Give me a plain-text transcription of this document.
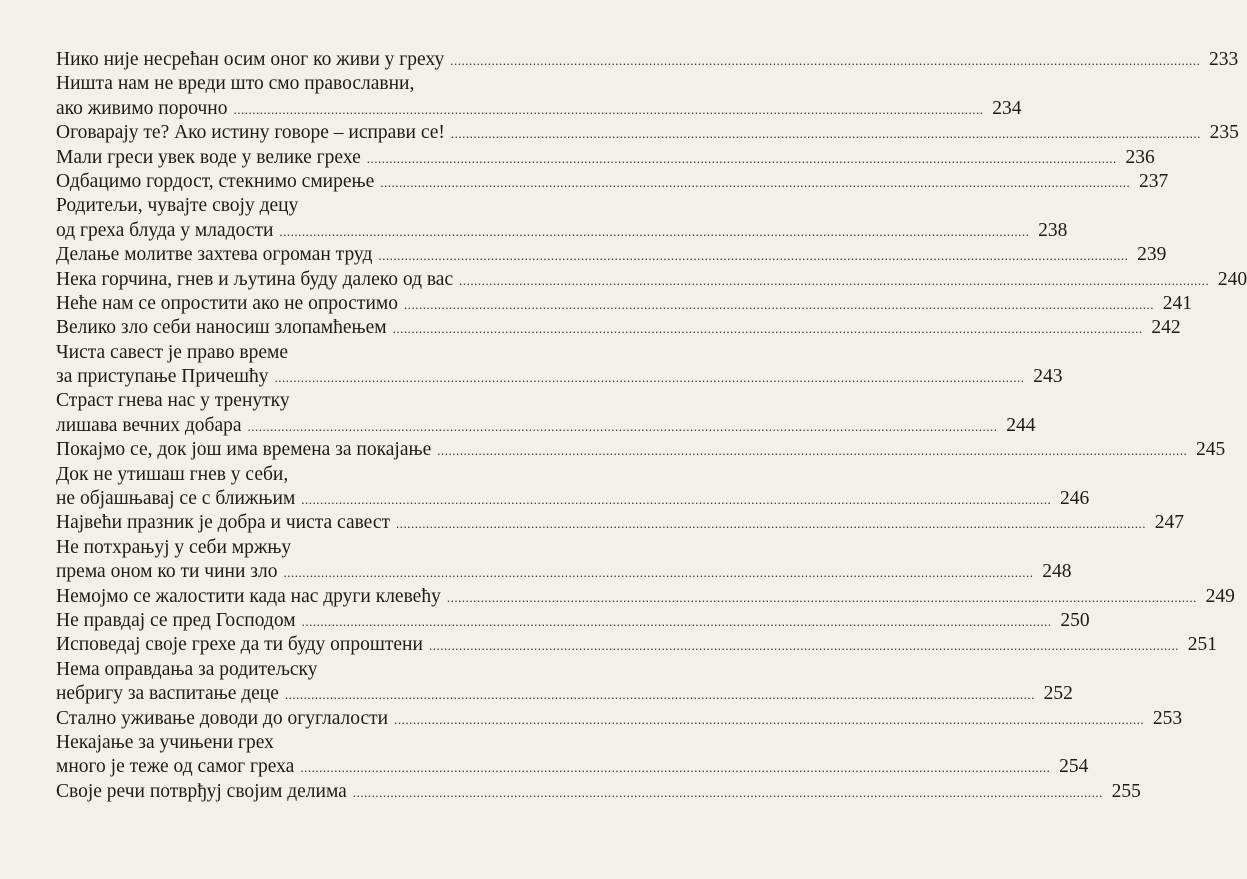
Нико није несрећан осим оног ко живи у греху ........................................................................................................................................................................................................ 233
Ништа нам не вреди што смо православни,
ако живимо порочно ........................................................................................................................................................................................................ 234
Оговарају те? Ако истину говоре – исправи се! ........................................................................................................................................................................................................ 235
Мали греси увек воде у велике грехе ........................................................................................................................................................................................................ 236
Одбацимо гордост, стекнимо смирење ........................................................................................................................................................................................................ 237
Родитељи, чувајте своју децу
од греха блуда у младости ........................................................................................................................................................................................................ 238
Делање молитве захтева огроман труд ........................................................................................................................................................................................................ 239
Нека горчина, гнев и љутина буду далеко од вас ........................................................................................................................................................................................................ 240
Неће нам се опростити ако не опростимо ........................................................................................................................................................................................................ 241
Велико зло себи наносиш злопамћењем ........................................................................................................................................................................................................ 242
Чиста савест је право време
за приступање Причешћу ........................................................................................................................................................................................................ 243
Страст гнева нас у тренутку
лишава вечних добара ........................................................................................................................................................................................................ 244
Покајмо се, док још има времена за покајање ........................................................................................................................................................................................................ 245
Док не утишаш гнев у себи,
не објашњавај се с ближњим ........................................................................................................................................................................................................ 246
Највећи празник је добра и чиста савест ........................................................................................................................................................................................................ 247
Не потхрањуј у себи мржњу
према оном ко ти чини зло ........................................................................................................................................................................................................ 248
Немојмо се жалостити када нас други клевећу ........................................................................................................................................................................................................ 249
Не правдај се пред Господом ........................................................................................................................................................................................................ 250
Исповедај своје грехе да ти буду опроштени ........................................................................................................................................................................................................ 251
Нема оправдања за родитељску
небригу за васпитање деце ........................................................................................................................................................................................................ 252
Стално уживање доводи до огуглалости ........................................................................................................................................................................................................ 253
Некајање за учињени грех
много је теже од самог греха ........................................................................................................................................................................................................ 254
Своје речи потврђуј својим делима ........................................................................................................................................................................................................ 255
